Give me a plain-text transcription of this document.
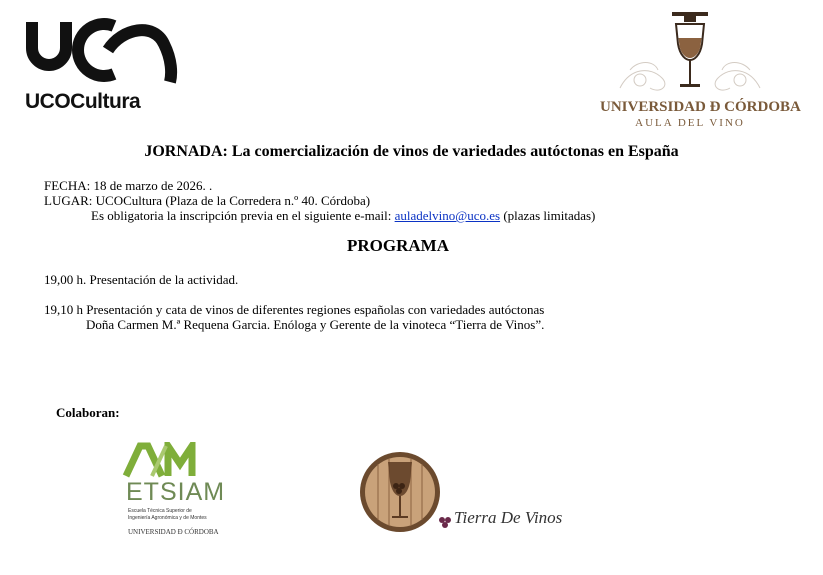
UCOCultura	UNIVERSIDAD Ð CÓRDOBA
AULA DEL VINO
JORNADA: La comercialización de vinos de variedades autóctonas en España
FECHA: 18 de marzo de 2026. .
LUGAR: UCOCultura (Plaza de la Corredera n.º 40. Córdoba)
Es obligatoria la inscripción previa en el siguiente e-mail: auladelvino@uco.es (plazas limitadas)
PROGRAMA
19,00 h. Presentación de la actividad.
19,10 h Presentación y cata de vinos de diferentes regiones españolas con variedades autóctonas
Doña Carmen M.ª Requena Garcia. Enóloga y Gerente de la vinoteca “Tierra de Vinos”.
Colaboran:
ETSIAM
Escuela Técnica Superior de
Ingeniería Agronómica y de Montes
UNIVERSIDAD Ð CÓRDOBA
Tierra De Vinos
